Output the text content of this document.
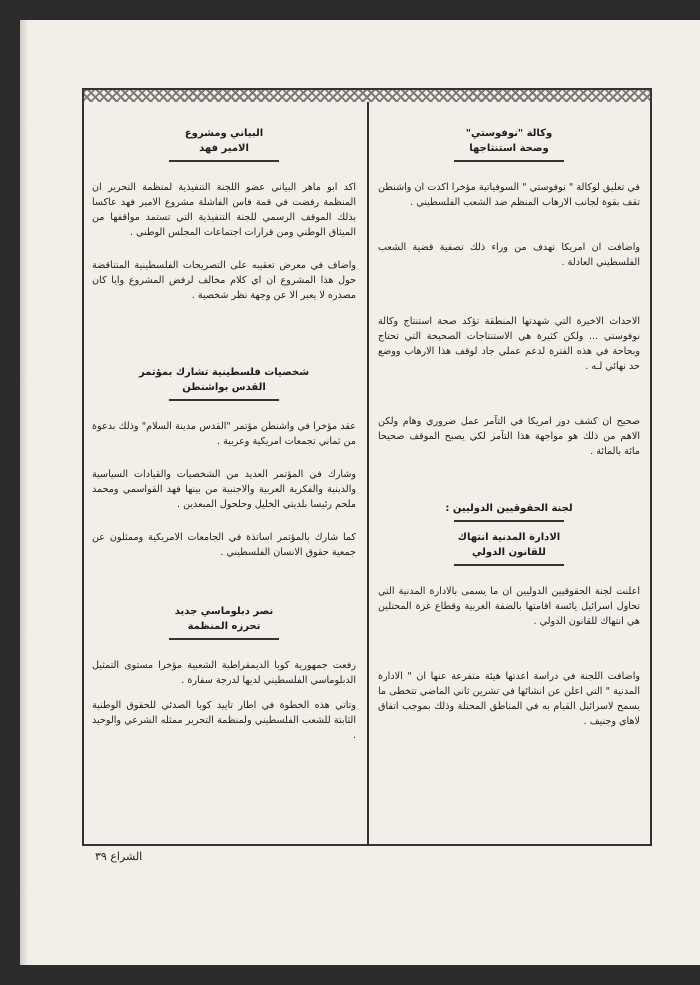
وكالة "نوفوستي"
وصحة استنتاجها

في تعليق لوكالة " نوفوستي " السوفياتية مؤخرا اكدت ان واشنطن تقف بقوة لجانب الارهاب المنظم ضد الشعب الفلسطيني .

واضافت ان امريكا تهدف من وراء ذلك تصفية قضية الشعب الفلسطيني العادلة .

الاحداث الاخيرة التي شهدتها المنطقة تؤكد صحة استنتاج وكالة نوفوستي ... ولكن كثيرة هي الاستنتاجات الصحيحة التي تحتاج وبحاحة في هذه الفترة لدعم عملي جاد لوقف هذا الارهاب ووضع حد نهائي لـه .

صحيح ان كشف دور امريكا في التآمر عمل ضروري وهام ولكن الاهم من ذلك هو مواجهة هذا التآمر لكي يصبح الموقف صحيحا مائة بالمائة .

لجنة الحقوقيين الدوليين :
الادارة المدنية انتهاك
للقانون الدولي

اعلنت لجنة الحقوقيين الدوليين ان ما يسمى بالادارة المدنية التي تحاول اسرائيل يائسة اقامتها بالضفة الغربية وقطاع غزة المحتلين هي انتهاك للقانون الدولي .

واضافت اللجنة في دراسة اعدتها هيئة متفرعة عنها ان " الادارة المدنية " التي اعلن عن انشائها في تشرين ثاني الماضي تتخطى ما يسمح لاسرائيل القيام به في المناطق المحتلة وذلك بموجب اتفاق لاهاي وجنيف .

البياني ومشروع
الامير فهد

اكد ابو ماهر البياني عضو اللجنة التنفيذية لمنظمة التحرير ان المنظمة رفضت في قمة فاس الفاشلة مشروع الامير فهد عاكسا بذلك الموقف الرسمي للجنة التنفيذية التي تستمد مواقفها من الميثاق الوطني ومن قرارات اجتماعات المجلس الوطني .

واضاف في معرض تعقيبه على التصريحات الفلسطينية المتناقضة حول هذا المشروع ان اي كلام مخالف لرفض المشروع وايا كان مصدره لا يعبر الا عن وجهة نظر شخصية .

شخصيات فلسطينية تشارك بمؤتمر
القدس بواشنطن

عقد مؤخرا في واشنطن مؤتمر "القدس مدينة السلام" وذلك بدعوة من ثماني تجمعات امريكية وعربية .

وشارك في المؤتمر العديد من الشخصيات والقيادات السياسية والدينية والفكرية العربية والاجنبية من بينها فهد القواسمي ومحمد ملحم رئيسا بلديتي الخليل وحلحول المبعدين .

كما شارك بالمؤتمر اساتذة في الجامعات الامريكية وممثلون عن جمعية حقوق الانسان الفلسطيني .

نصر دبلوماسي جديد
تحرزه المنظمة

رفعت جمهورية كوبا الديمقراطية الشعبية مؤخرا مستوى التمثيل الدبلوماسي الفلسطيني لديها لدرجة سفارة .

وتاتي هذه الخطوة في اطار تاييد كوبا الصدئي للحقوق الوطنية الثابتة للشعب الفلسطيني ولمنظمة التحرير ممثله الشرعي والوحيد .

الشراع ٣٩
